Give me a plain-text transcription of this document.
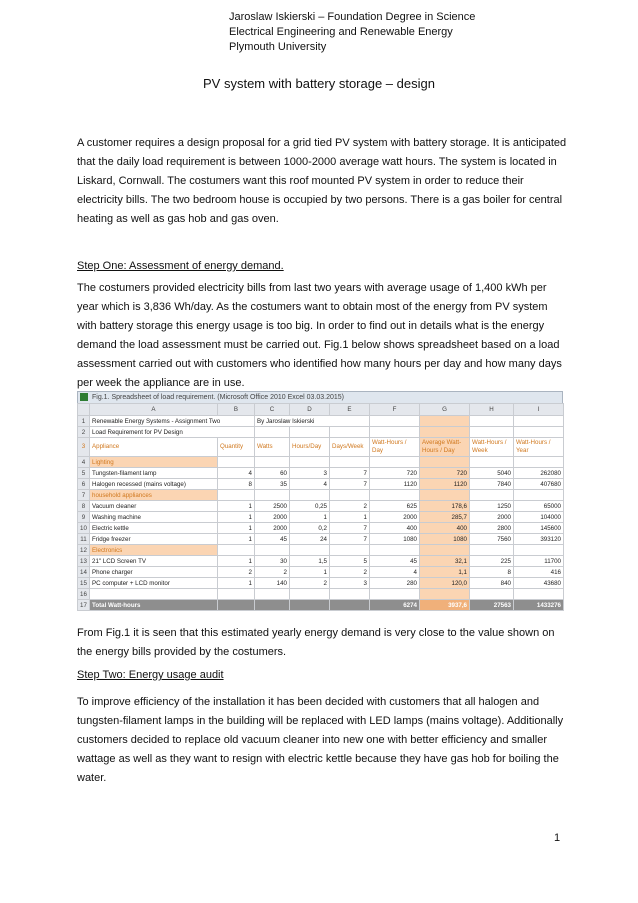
Jaroslaw Iskierski – Foundation Degree in Science
Electrical Engineering and Renewable Energy
Plymouth University
PV system with battery storage – design

A customer requires a design proposal for a grid tied PV system with battery storage. It is anticipated that the daily load requirement is between 1000-2000 average watt hours. The system is located in Liskard, Cornwall. The costumers want this roof mounted PV system in order to reduce their electricity bills. The two bedroom house is occupied by two persons. There is a gas boiler for central heating as well as gas hob and gas oven.

Step One: Assessment of energy demand.

The costumers provided electricity bills from last two years with average usage of 1,400 kWh per year which is 3,836 Wh/day. As the costumers want to obtain most of the energy from PV system with battery storage this energy usage is too big. In order to find out in details what is the energy demand the load assessment must be carried out. Fig.1 below shows spreadsheet based on a load assessment carried out with customers who identified how many hours per day and how many days per week the appliance are in use.

Fig.1. Spreadsheet of load requirement. (Microsoft Office 2010 Excel 03.03.2015)
	A	B	C	D	E	F	G	H	I
1	Renewable Energy Systems - Assignment Two		By Jaroslaw Iskierski						
2	Load Requirement for PV Design								
3	Appliance	Quantity	Watts	Hours/Day	Days/Week	Watt-Hours / Day	Average Watt-Hours / Day	Watt-Hours / Week	Watt-Hours / Year
4	Lighting								
5	Tungsten-filament lamp	4	60	3	7	720	720	5040	262080
6	Halogen recessed (mains voltage)	8	35	4	7	1120	1120	7840	407680
7	household appliances								
8	Vacuum cleaner	1	2500	0,25	2	625	178,6	1250	65000
9	Washing machine	1	2000	1	1	2000	285,7	2000	104000
10	Electric kettle	1	2000	0,2	7	400	400	2800	145600
11	Fridge freezer	1	45	24	7	1080	1080	7560	393120
12	Electronics								
13	21" LCD Screen TV	1	30	1,5	5	45	32,1	225	11700
14	Phone charger	2	2	1	2	4	1,1	8	416
15	PC computer + LCD monitor	1	140	2	3	280	120,0	840	43680
16									
17	Total Watt-hours					6274	3937,6	27563	1433276

From Fig.1 it is seen that this estimated yearly energy demand is very close to the value shown on the energy bills provided by the costumers.

Step Two: Energy usage audit

To improve efficiency of the installation it has been decided with customers that all halogen and tungsten-filament lamps in the building will be replaced with LED lamps (mains voltage). Additionally customers decided to replace old vacuum cleaner into new one with better efficiency and smaller wattage as well as they want to resign with electric kettle because they have gas hob for boiling the water.

1
